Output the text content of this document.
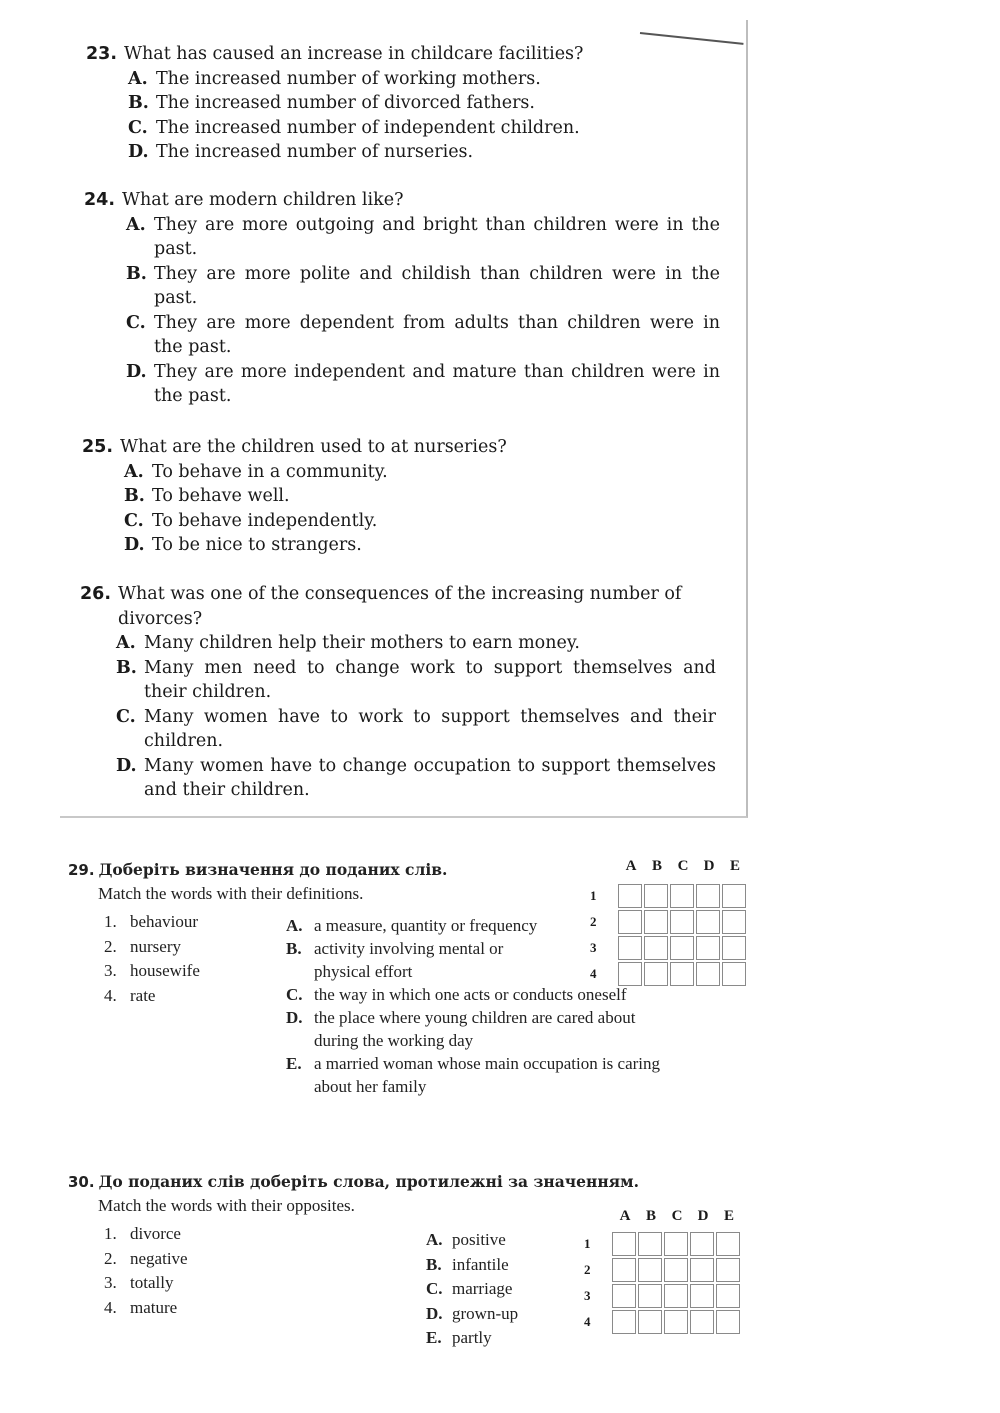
23. What has caused an increase in childcare facilities?
A. The increased number of working mothers.
B. The increased number of divorced fathers.
C. The increased number of independent children.
D. The increased number of nurseries.
24. What are modern children like?
A. They are more outgoing and bright than children were in the past.
B. They are more polite and childish than children were in the past.
C. They are more dependent from adults than children were in the past.
D. They are more independent and mature than children were in the past.
25. What are the children used to at nurseries?
A. To behave in a community.
B. To behave well.
C. To behave independently.
D. To be nice to strangers.
26. What was one of the consequences of the increasing number of divorces?
A. Many children help their mothers to earn money.
B. Many men need to change work to support themselves and their children.
C. Many women have to work to support themselves and their children.
D. Many women have to change occupation to support themselves and their children.
29. Доберіть визначення до поданих слів.
Match the words with their definitions.
1. behaviour
2. nursery
3. housewife
4. rate
A. a measure, quantity or frequency
B. activity involving mental or physical effort
C. the way in which one acts or conducts oneself
D. the place where young children are cared about during the working day
E. a married woman whose main occupation is caring about her family
A	B	C	D	E
1
2
3
4
30. До поданих слів доберіть слова, протилежні за значенням.
Match the words with their opposites.
1. divorce
2. negative
3. totally
4. mature
A. positive
B. infantile
C. marriage
D. grown-up
E. partly
A	B	C	D	E
1
2
3
4
